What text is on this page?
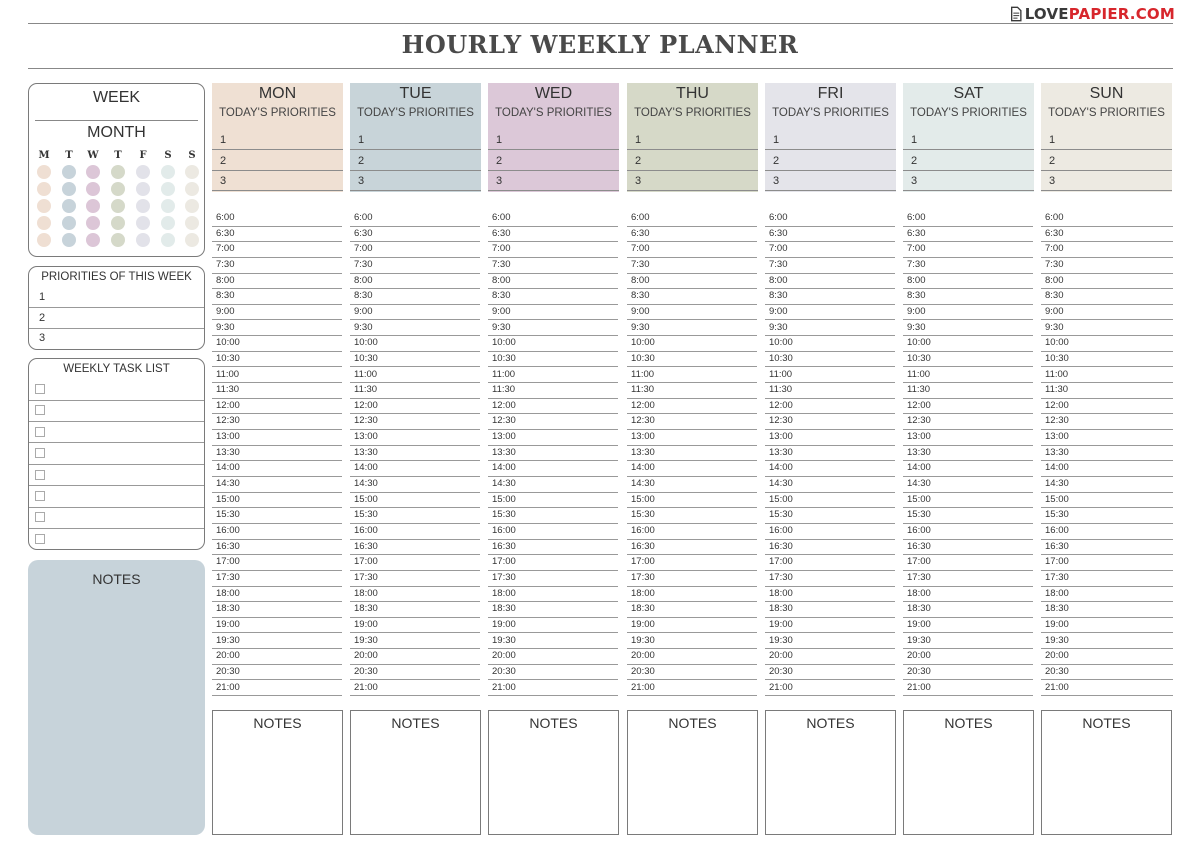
LOVE PAPIER.COM
HOURLY WEEKLY PLANNER
WEEK
MONTH
M	T	W	T	F	S	S
PRIORITIES OF THIS WEEK
1
2
3
WEEKLY TASK LIST
NOTES
MON
TODAY'S PRIORITIES
1
2
3
6:00
6:30
7:00
7:30
8:00
8:30
9:00
9:30
10:00
10:30
11:00
11:30
12:00
12:30
13:00
13:30
14:00
14:30
15:00
15:30
16:00
16:30
17:00
17:30
18:00
18:30
19:00
19:30
20:00
20:30
21:00
NOTES
TUE
TODAY'S PRIORITIES
1
2
3
6:00
6:30
7:00
7:30
8:00
8:30
9:00
9:30
10:00
10:30
11:00
11:30
12:00
12:30
13:00
13:30
14:00
14:30
15:00
15:30
16:00
16:30
17:00
17:30
18:00
18:30
19:00
19:30
20:00
20:30
21:00
NOTES
WED
TODAY'S PRIORITIES
1
2
3
6:00
6:30
7:00
7:30
8:00
8:30
9:00
9:30
10:00
10:30
11:00
11:30
12:00
12:30
13:00
13:30
14:00
14:30
15:00
15:30
16:00
16:30
17:00
17:30
18:00
18:30
19:00
19:30
20:00
20:30
21:00
NOTES
THU
TODAY'S PRIORITIES
1
2
3
6:00
6:30
7:00
7:30
8:00
8:30
9:00
9:30
10:00
10:30
11:00
11:30
12:00
12:30
13:00
13:30
14:00
14:30
15:00
15:30
16:00
16:30
17:00
17:30
18:00
18:30
19:00
19:30
20:00
20:30
21:00
NOTES
FRI
TODAY'S PRIORITIES
1
2
3
6:00
6:30
7:00
7:30
8:00
8:30
9:00
9:30
10:00
10:30
11:00
11:30
12:00
12:30
13:00
13:30
14:00
14:30
15:00
15:30
16:00
16:30
17:00
17:30
18:00
18:30
19:00
19:30
20:00
20:30
21:00
NOTES
SAT
TODAY'S PRIORITIES
1
2
3
6:00
6:30
7:00
7:30
8:00
8:30
9:00
9:30
10:00
10:30
11:00
11:30
12:00
12:30
13:00
13:30
14:00
14:30
15:00
15:30
16:00
16:30
17:00
17:30
18:00
18:30
19:00
19:30
20:00
20:30
21:00
NOTES
SUN
TODAY'S PRIORITIES
1
2
3
6:00
6:30
7:00
7:30
8:00
8:30
9:00
9:30
10:00
10:30
11:00
11:30
12:00
12:30
13:00
13:30
14:00
14:30
15:00
15:30
16:00
16:30
17:00
17:30
18:00
18:30
19:00
19:30
20:00
20:30
21:00
NOTES
